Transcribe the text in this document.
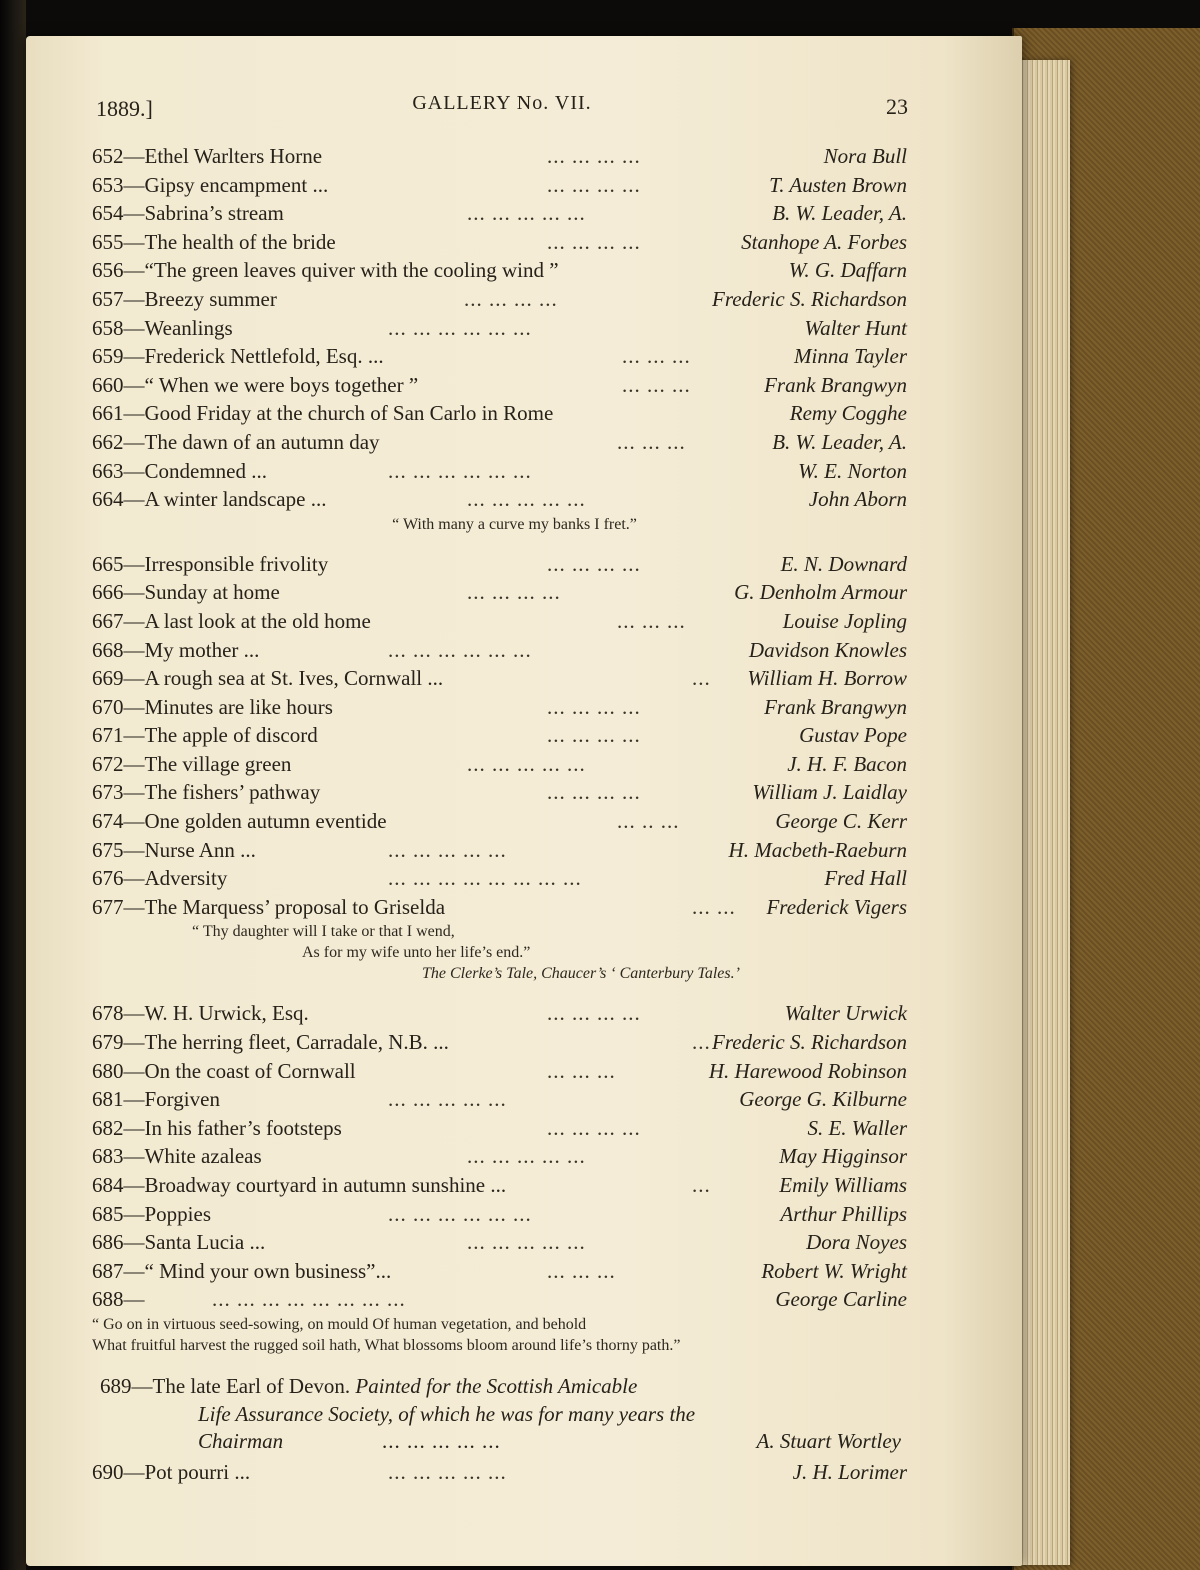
1889.]	GALLERY No. VII.	23
652—Ethel Warlters Horne	... ... ... ...	Nora Bull
653—Gipsy encampment ...	... ... ... ...	T. Austen Brown
654—Sabrina’s stream	... ... ... ... ...	B. W. Leader, A.
655—The health of the bride	... ... ... ...	Stanhope A. Forbes
656—“The green leaves quiver with the cooling wind ”	W. G. Daffarn
657—Breezy summer	... ... ... ...	Frederic S. Richardson
658—Weanlings	... ... ... ... ... ...	Walter Hunt
659—Frederick Nettlefold, Esq. ...	... ... ...	Minna Tayler
660—“ When we were boys together ”	... ... ...	Frank Brangwyn
661—Good Friday at the church of San Carlo in Rome	Remy Cogghe
662—The dawn of an autumn day	... ... ...	B. W. Leader, A.
663—Condemned ...	... ... ... ... ... ...	W. E. Norton
664—A winter landscape ...	... ... ... ... ...	John Aborn
“ With many a curve my banks I fret.”
665—Irresponsible frivolity	... ... ... ...	E. N. Downard
666—Sunday at home	... ... ... ...	G. Denholm Armour
667—A last look at the old home	... ... ...	Louise Jopling
668—My mother ...	... ... ... ... ... ...	Davidson Knowles
669—A rough sea at St. Ives, Cornwall ...	... William H. Borrow
670—Minutes are like hours	... ... ... ...	Frank Brangwyn
671—The apple of discord	... ... ... ...	Gustav Pope
672—The village green	... ... ... ... ...	J. H. F. Bacon
673—The fishers’ pathway	... ... ... ...	William J. Laidlay
674—One golden autumn eventide	... .. ...	George C. Kerr
675—Nurse Ann ...	... ... ... ... ...	H. Macbeth-Raeburn
676—Adversity	... ... ... ... ... ... ... ...	Fred Hall
677—The Marquess’ proposal to Griselda	... ... Frederick Vigers
“ Thy daughter will I take or that I wend,
As for my wife unto her life’s end.”
The Clerke’s Tale, Chaucer’s ‘ Canterbury Tales.’
678—W. H. Urwick, Esq.	... ... ... ...	Walter Urwick
679—The herring fleet, Carradale, N.B. ...	... Frederic S. Richardson
680—On the coast of Cornwall	... ... ...	H. Harewood Robinson
681—Forgiven	... ... ... ... ...	George G. Kilburne
682—In his father’s footsteps	... ... ... ...	S. E. Waller
683—White azaleas	... ... ... ... ...	May Higginsor
684—Broadway courtyard in autumn sunshine ...	...	Emily Williams
685—Poppies	... ... ... ... ... ...	Arthur Phillips
686—Santa Lucia ...	... ... ... ... ...	Dora Noyes
687—“ Mind your own business”...	... ... ...	Robert W. Wright
688—	... ... ... ... ... ... ... ...	George Carline
“ Go on in virtuous seed-sowing, on mould Of human vegetation, and behold
What fruitful harvest the rugged soil hath, What blossoms bloom around life’s thorny path.”
689—The late Earl of Devon. Painted for the Scottish Amicable
Life Assurance Society, of which he was for many years the
Chairman	... ... ... ... ...	A. Stuart Wortley
690—Pot pourri ...	... ... ... ... ...	J. H. Lorimer
